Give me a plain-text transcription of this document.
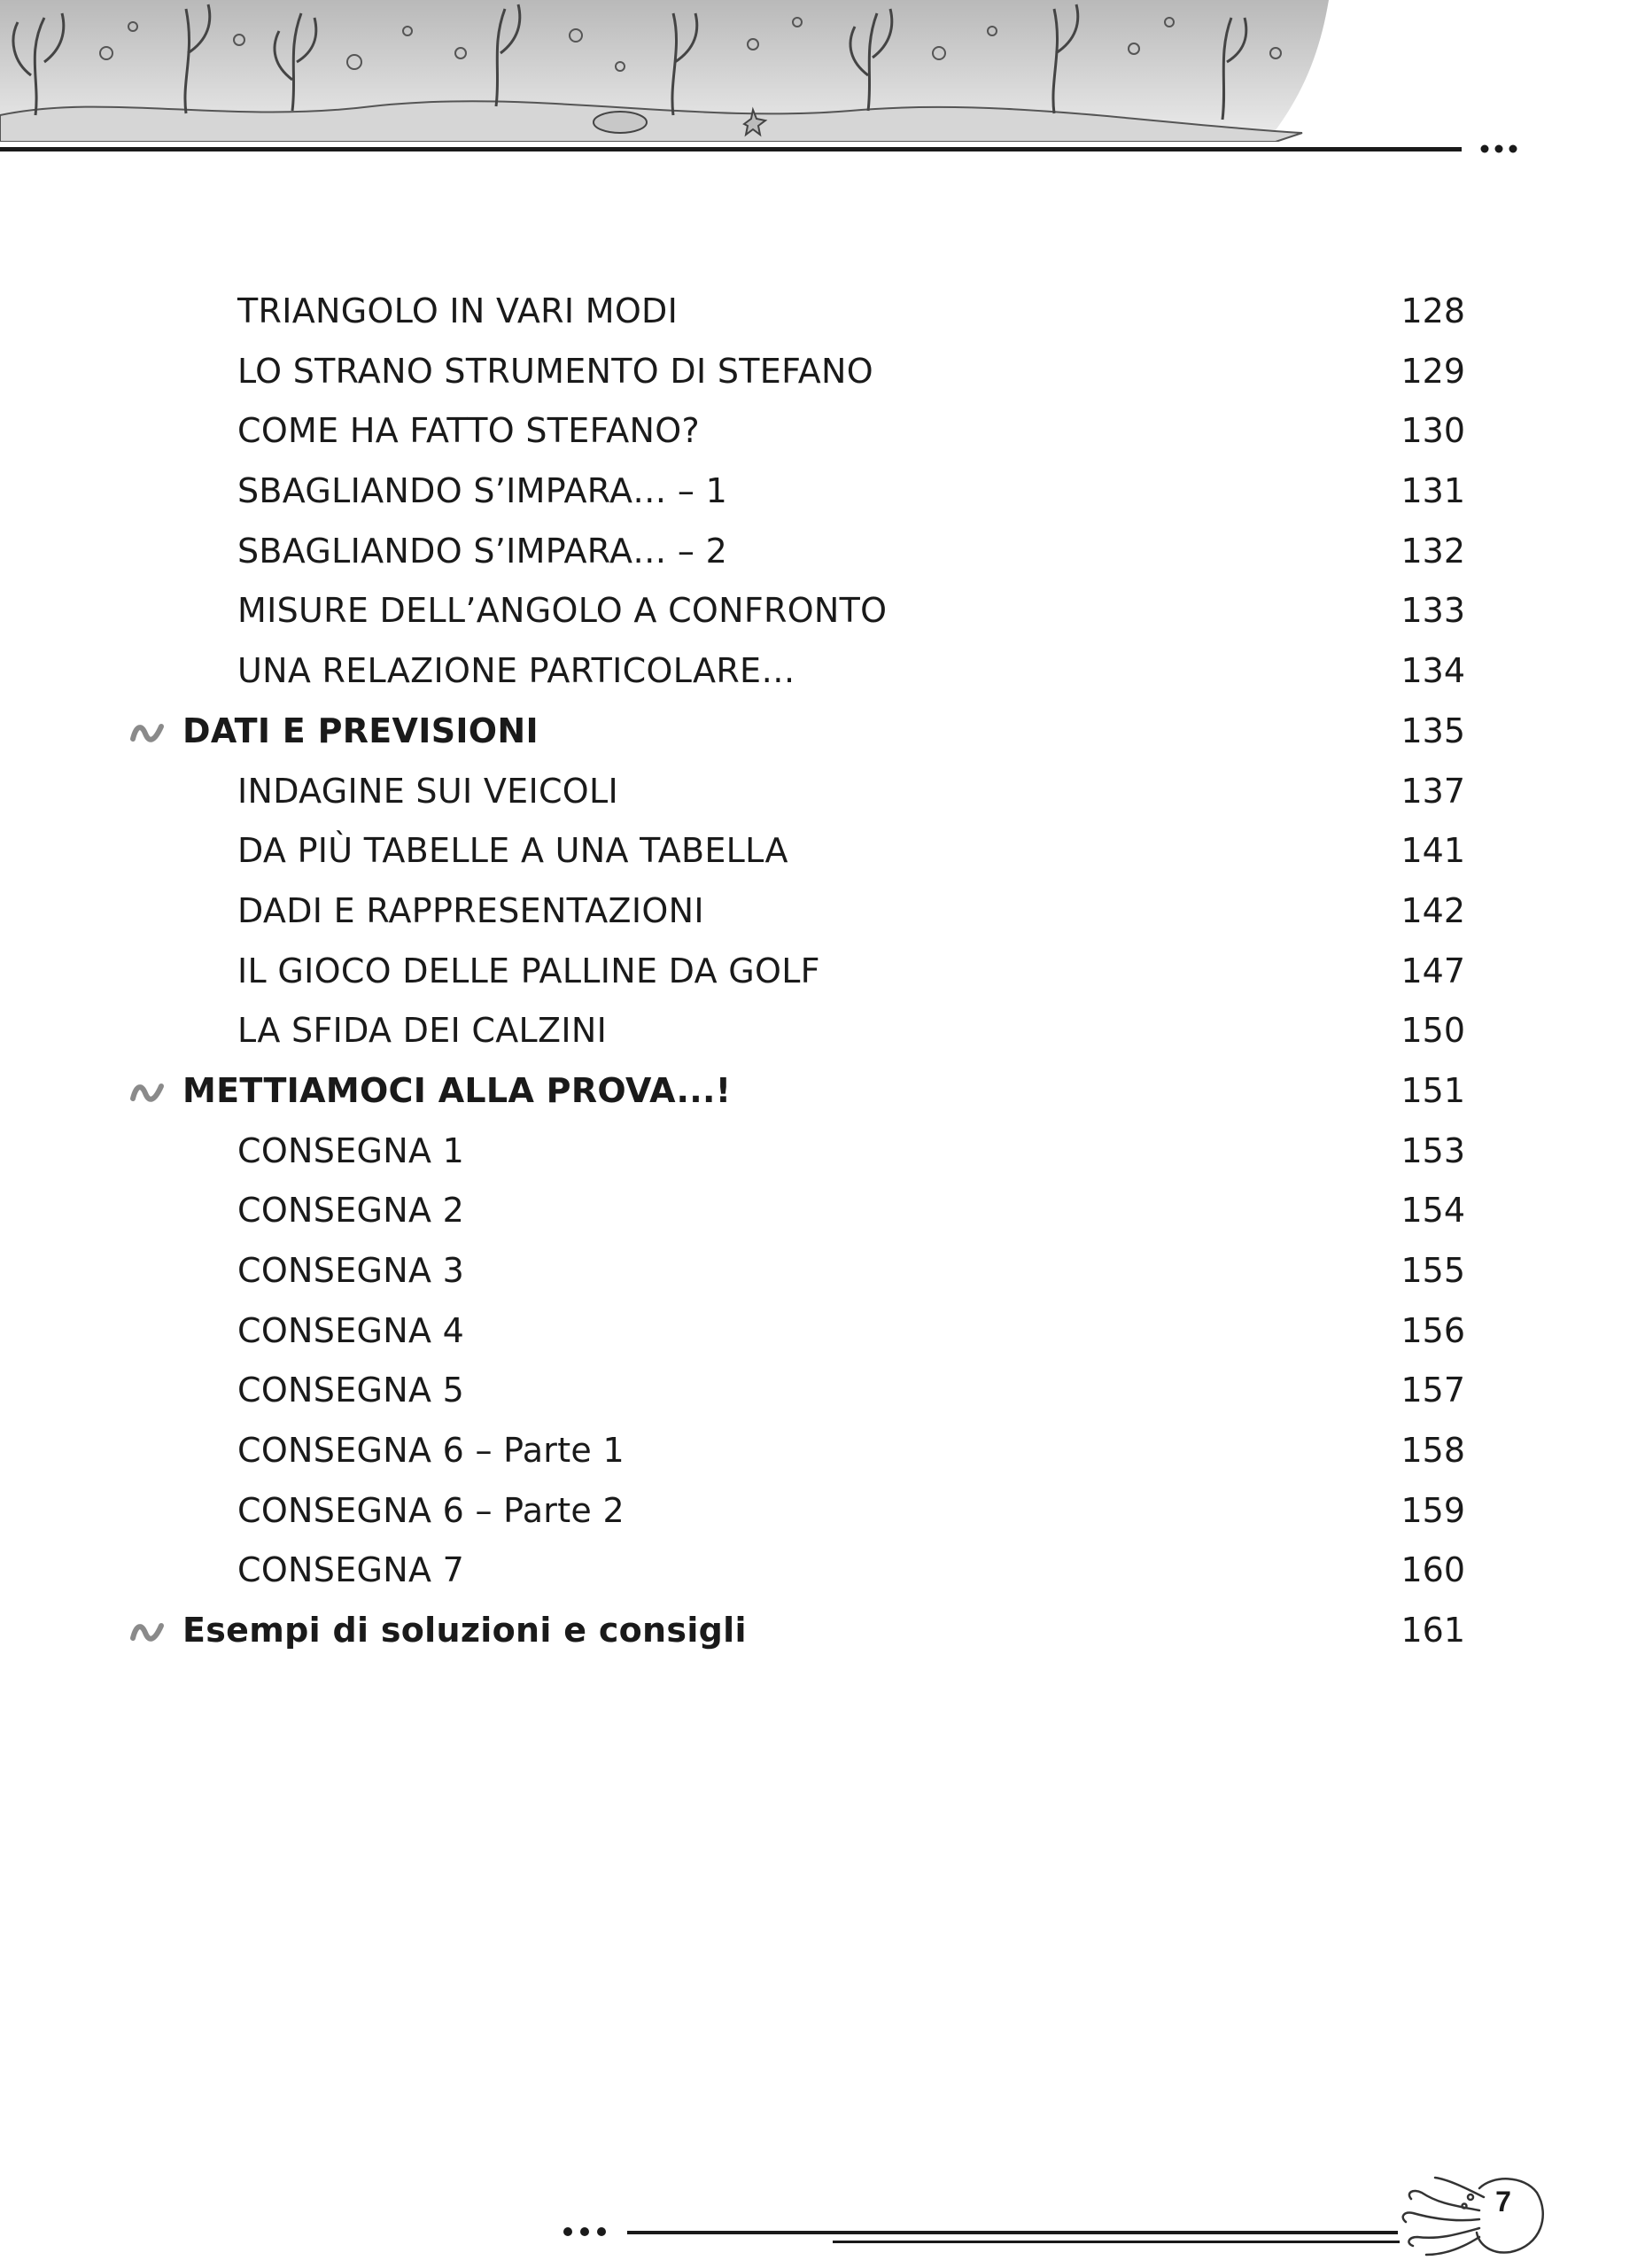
TRIANGOLO IN VARI MODI	128
LO STRANO STRUMENTO DI STEFANO	129
COME HA FATTO STEFANO?	130
SBAGLIANDO S’IMPARA… – 1	131
SBAGLIANDO S’IMPARA… – 2	132
MISURE DELL’ANGOLO A CONFRONTO	133
UNA RELAZIONE PARTICOLARE…	134
DATI E PREVISIONI	135
INDAGINE SUI VEICOLI	137
DA PIÙ TABELLE A UNA TABELLA	141
DADI E RAPPRESENTAZIONI	142
IL GIOCO DELLE PALLINE DA GOLF	147
LA SFIDA DEI CALZINI	150
METTIAMOCI ALLA PROVA...!	151
CONSEGNA 1	153
CONSEGNA 2	154
CONSEGNA 3	155
CONSEGNA 4	156
CONSEGNA 5	157
CONSEGNA 6 – Parte 1	158
CONSEGNA 6 – Parte 2	159
CONSEGNA 7	160
Esempi di soluzioni e consigli	161
7
